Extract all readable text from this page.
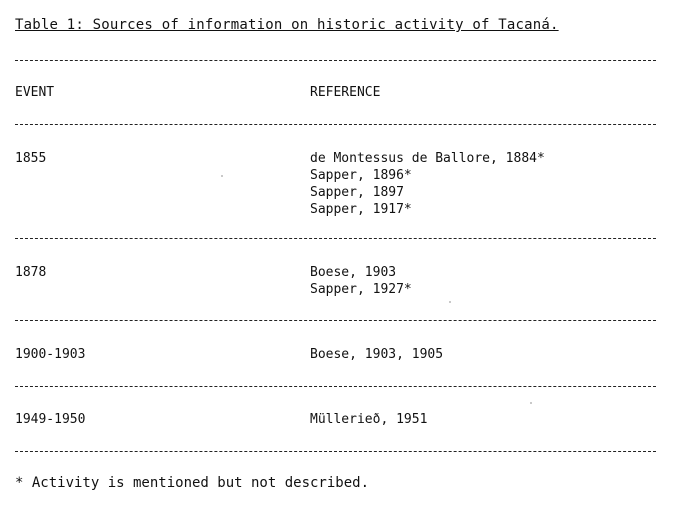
Table 1: Sources of information on historic activity of Tacaná.
EVENT	REFERENCE
1855	de Montessus de Ballore, 1884*
Sapper, 1896*
Sapper, 1897
Sapper, 1917*
1878	Boese, 1903
Sapper, 1927*
1900-1903	Boese, 1903, 1905
1949-1950	Müllerieð, 1951
* Activity is mentioned but not described.
